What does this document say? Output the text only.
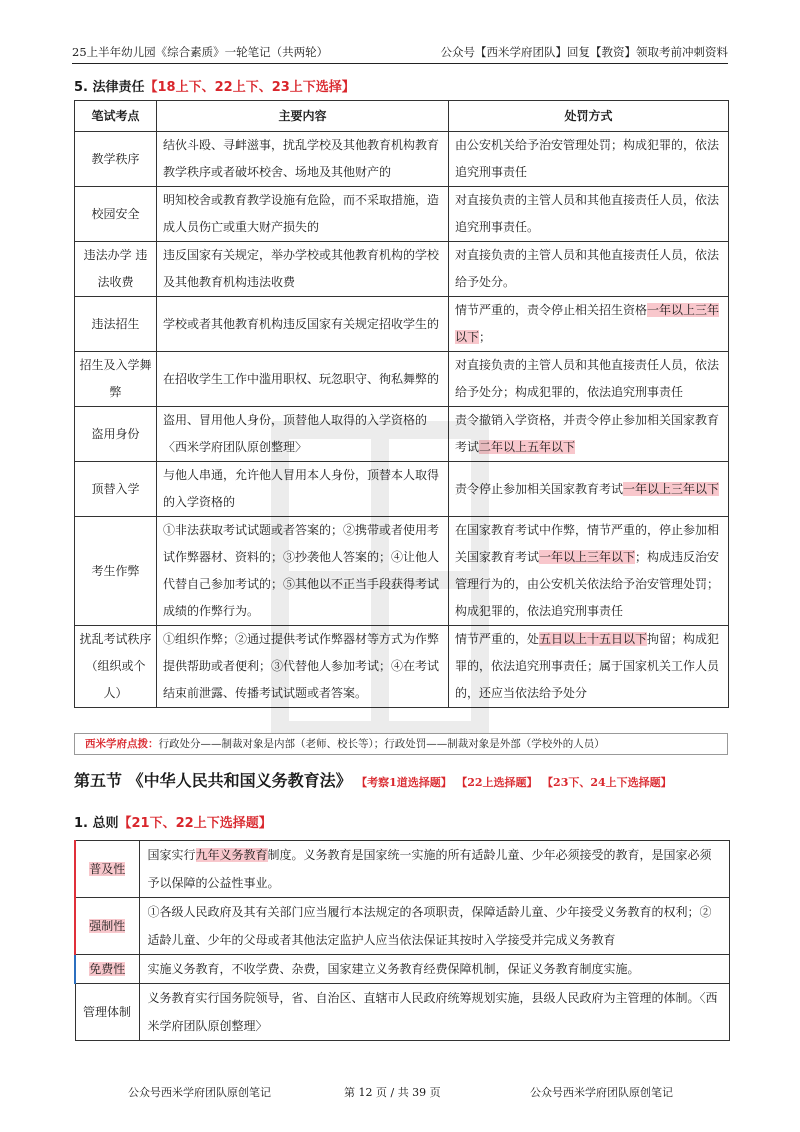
25上半年幼儿园《综合素质》一轮笔记（共两轮）	公众号【西米学府团队】回复【教资】领取考前冲刺资料
5. 法律责任【18上下、22上下、23上下选择】
笔试考点	主要内容	处罚方式
教学秩序	结伙斗殴、寻衅滋事，扰乱学校及其他教育机构教育教学秩序或者破坏校舍、场地及其他财产的	由公安机关给予治安管理处罚；构成犯罪的，依法追究刑事责任
校园安全	明知校舍或教育教学设施有危险，而不采取措施，造成人员伤亡或重大财产损失的	对直接负责的主管人员和其他直接责任人员，依法追究刑事责任。
违法办学 违法收费	违反国家有关规定，举办学校或其他教育机构的学校及其他教育机构违法收费	对直接负责的主管人员和其他直接责任人员，依法给予处分。
违法招生	学校或者其他教育机构违反国家有关规定招收学生的	情节严重的，责令停止相关招生资格一年以上三年以下；
招生及入学舞弊	在招收学生工作中滥用职权、玩忽职守、徇私舞弊的	对直接负责的主管人员和其他直接责任人员，依法给予处分；构成犯罪的，依法追究刑事责任
盗用身份	盗用、冒用他人身份，顶替他人取得的入学资格的〈西米学府团队原创整理〉	责令撤销入学资格，并责令停止参加相关国家教育考试二年以上五年以下
顶替入学	与他人串通，允许他人冒用本人身份，顶替本人取得的入学资格的	责令停止参加相关国家教育考试一年以上三年以下
考生作弊	①非法获取考试试题或者答案的；②携带或者使用考试作弊器材、资料的；③抄袭他人答案的；④让他人代替自己参加考试的；⑤其他以不正当手段获得考试成绩的作弊行为。	在国家教育考试中作弊，情节严重的，停止参加相关国家教育考试一年以上三年以下；构成违反治安管理行为的，由公安机关依法给予治安管理处罚；构成犯罪的，依法追究刑事责任
扰乱考试秩序（组织或个人）	①组织作弊；②通过提供考试作弊器材等方式为作弊提供帮助或者便利；③代替他人参加考试；④在考试结束前泄露、传播考试试题或者答案。	情节严重的，处五日以上十五日以下拘留；构成犯罪的，依法追究刑事责任；属于国家机关工作人员的，还应当依法给予处分
西米学府点拨：行政处分——制裁对象是内部（老师、校长等）；行政处罚——制裁对象是外部（学校外的人员）
第五节 《中华人民共和国义务教育法》 【考察1道选择题】 【22上选择题】 【23下、24上下选择题】
1. 总则【21下、22上下选择题】
普及性	国家实行九年义务教育制度。义务教育是国家统一实施的所有适龄儿童、少年必须接受的教育，是国家必须予以保障的公益性事业。
强制性	①各级人民政府及其有关部门应当履行本法规定的各项职责，保障适龄儿童、少年接受义务教育的权利；②适龄儿童、少年的父母或者其他法定监护人应当依法保证其按时入学接受并完成义务教育
免费性	实施义务教育，不收学费、杂费，国家建立义务教育经费保障机制，保证义务教育制度实施。
管理体制	义务教育实行国务院领导，省、自治区、直辖市人民政府统筹规划实施，县级人民政府为主管理的体制。〈西米学府团队原创整理〉
公众号西米学府团队原创笔记	第 12 页 / 共 39 页	公众号西米学府团队原创笔记
